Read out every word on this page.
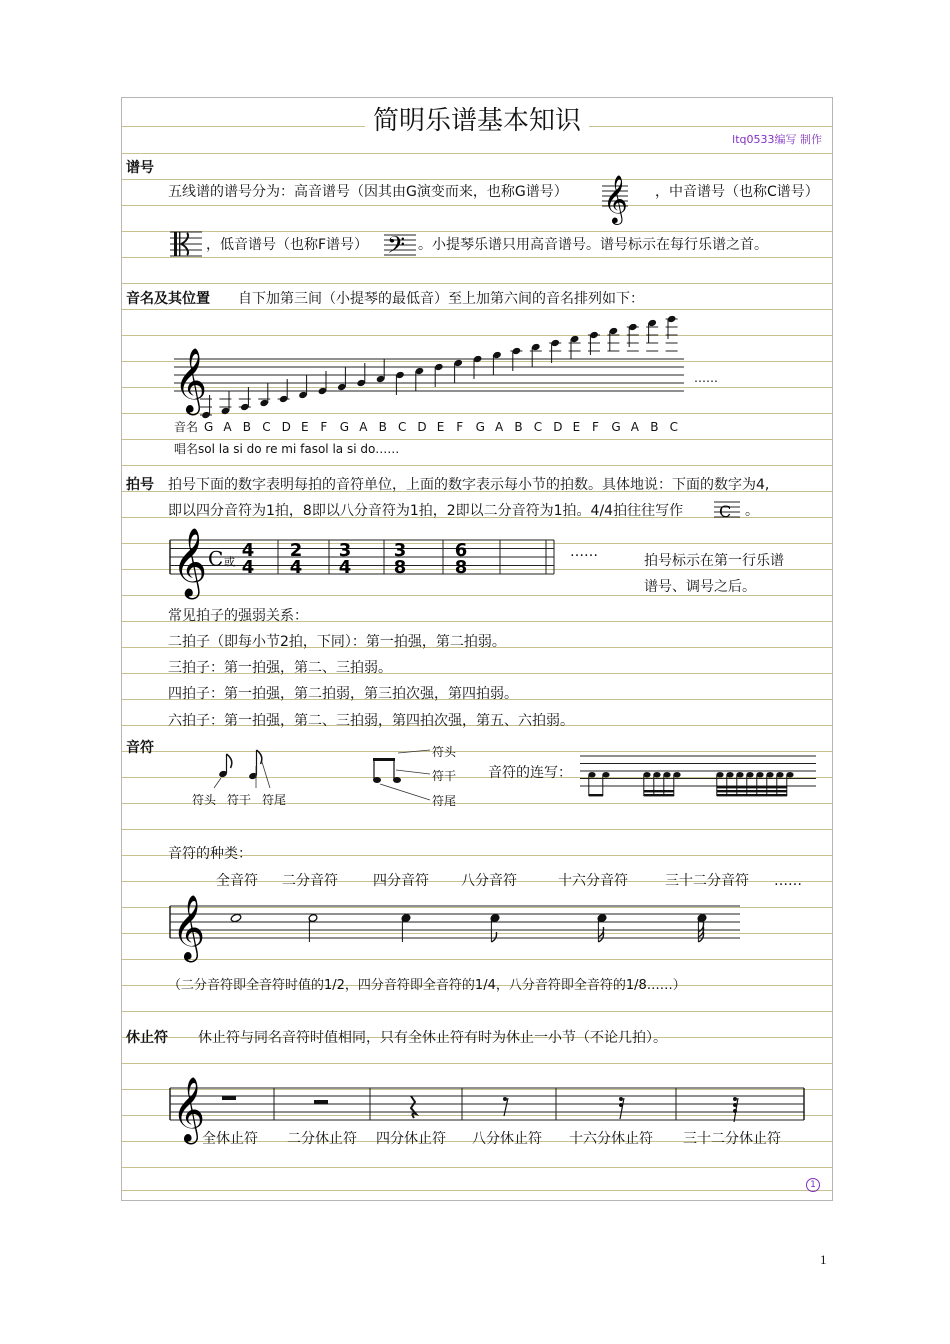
简明乐谱基本知识
ltq0533编写 制作
谱号
五线谱的谱号分为：高音谱号（因其由G演变而来，也称G谱号）	，中音谱号（也称C谱号）
，低音谱号（也称F谱号）	。小提琴乐谱只用高音谱号。谱号标示在每行乐谱之首。
𝄞
𝄢
音名及其位置 自下加第三间（小提琴的最低音）至上加第六间的音名排列如下：
𝄞	……
音名 G A B C D E F G A B C D E F G A B C D E F G A B C
唱名sol la si do re mi fasol la si do……
拍号 拍号下面的数字表明每拍的音符单位，上面的数字表示每小节的拍数。具体地说：下面的数字为4,
即以四分音符为1拍，8即以八分音符为1拍，2即以二分音符为1拍。4/4拍往往写作 C 。
𝄞 C 或
4
4
2
4
3
4
3
8
6
8
……
拍号标示在第一行乐谱
谱号、调号之后。
常见拍子的强弱关系：
二拍子（即每小节2拍，下同）：第一拍强，第二拍弱。
三拍子：第一拍强，第二、三拍弱。
四拍子：第一拍强，第二拍弱，第三拍次强，第四拍弱。
六拍子：第一拍强，第二、三拍弱，第四拍次强，第五、六拍弱。
音符
符头 符干 符尾
符头
符干
符尾
音符的连写：
音符的种类：
全音符 二分音符	四分音符 八分音符	十六分音符	三十二分音符 ……
𝄞
（二分音符即全音符时值的1/2，四分音符即全音符的1/4，八分音符即全音符的1/8……）
休止符 休止符与同名音符时值相同，只有全休止符有时为休止一小节（不论几拍）。
𝄞
全休止符 二分休止符 四分休止符 八分休止符 十六分休止符 三十二分休止符
1
1
